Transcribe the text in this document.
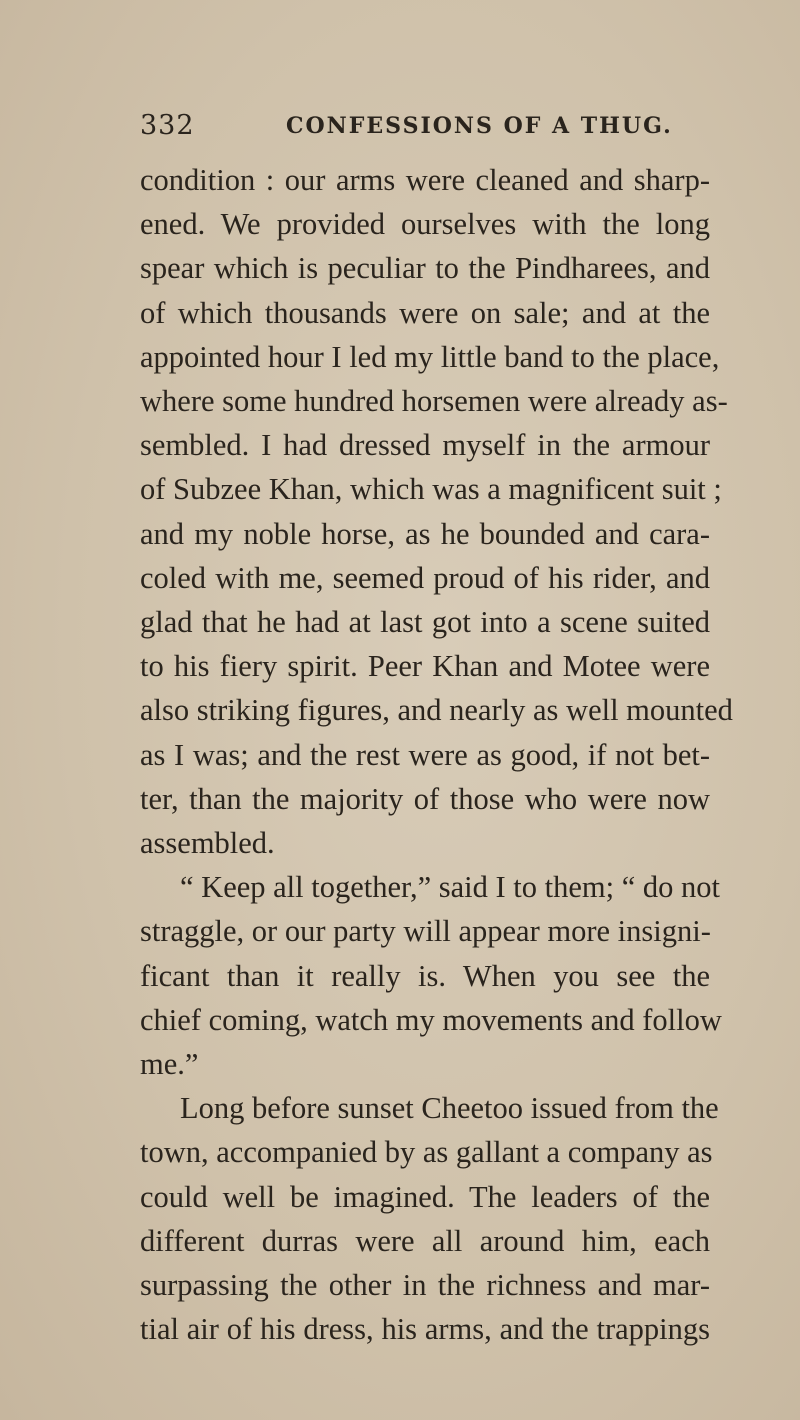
332	CONFESSIONS OF A THUG.
condition : our arms were cleaned and sharp-
ened. We provided ourselves with the long
spear which is peculiar to the Pindharees, and
of which thousands were on sale; and at the
appointed hour I led my little band to the place,
where some hundred horsemen were already as-
sembled. I had dressed myself in the armour
of Subzee Khan, which was a magnificent suit ;
and my noble horse, as he bounded and cara-
coled with me, seemed proud of his rider, and
glad that he had at last got into a scene suited
to his fiery spirit. Peer Khan and Motee were
also striking figures, and nearly as well mounted
as I was; and the rest were as good, if not bet-
ter, than the majority of those who were now
assembled.
“ Keep all together,” said I to them; “ do not
straggle, or our party will appear more insigni-
ficant than it really is. When you see the
chief coming, watch my movements and follow
me.”
Long before sunset Cheetoo issued from the
town, accompanied by as gallant a company as
could well be imagined. The leaders of the
different durras were all around him, each
surpassing the other in the richness and mar-
tial air of his dress, his arms, and the trappings
